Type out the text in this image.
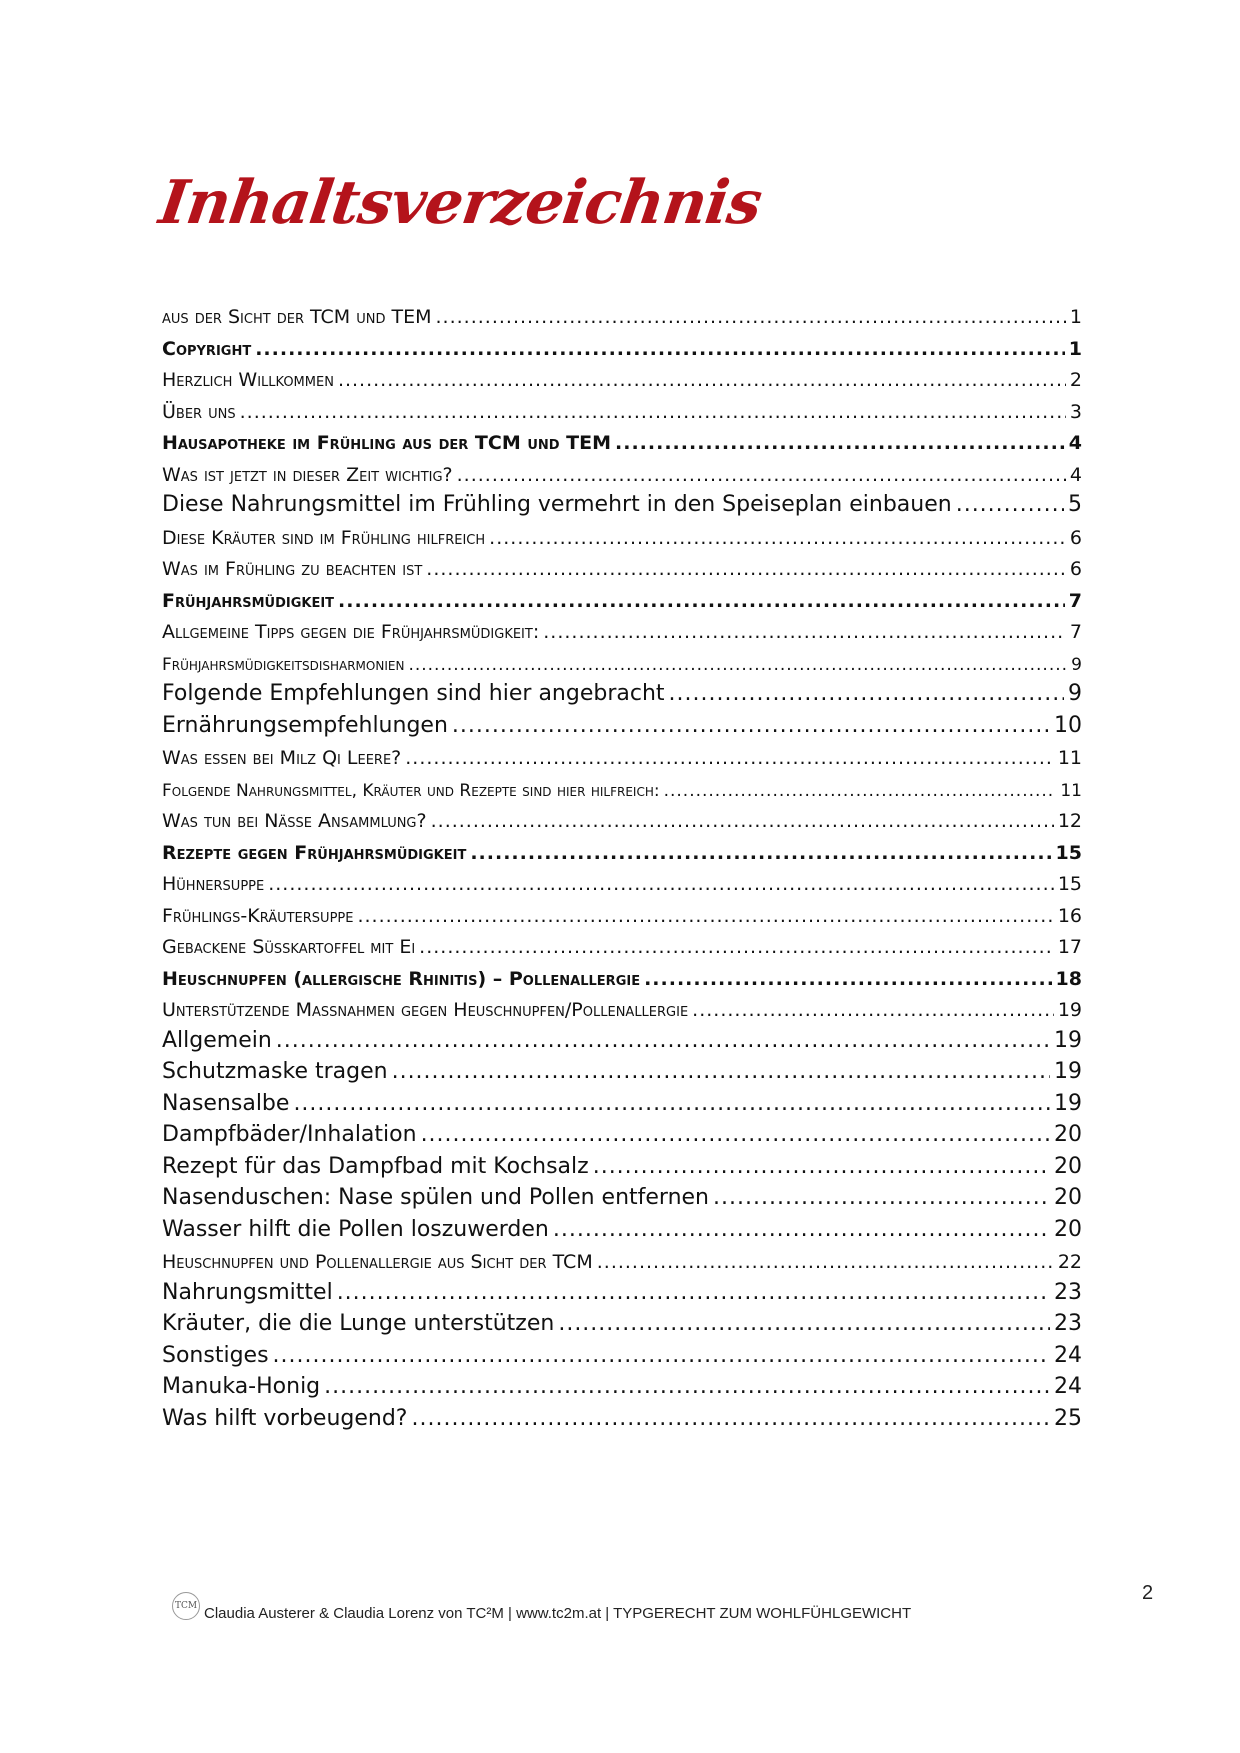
Inhaltsverzeichnis
aus der Sicht der TCM und TEM .....	1
Copyright .....	1
Herzlich Willkommen .....	2
Über uns .....	3
Hausapotheke im Frühling aus der TCM und TEM .....	4
Was ist jetzt in dieser Zeit wichtig? .....	4
Diese Nahrungsmittel im Frühling vermehrt in den Speiseplan einbauen .....	5
Diese Kräuter sind im Frühling hilfreich .....	6
Was im Frühling zu beachten ist .....	6
Frühjahrsmüdigkeit .....	7
Allgemeine Tipps gegen die Frühjahrsmüdigkeit: .....	7
Frühjahrsmüdigkeitsdisharmonien .....	9
Folgende Empfehlungen sind hier angebracht .....	9
Ernährungsempfehlungen .....	10
Was essen bei Milz Qi Leere? .....	11
Folgende Nahrungsmittel, Kräuter und Rezepte sind hier hilfreich: .....	11
Was tun bei Nässe Ansammlung? .....	12
Rezepte gegen Frühjahrsmüdigkeit .....	15
Hühnersuppe .....	15
Frühlings-Kräutersuppe .....	16
Gebackene Süßkartoffel mit Ei .....	17
Heuschnupfen (allergische Rhinitis) – Pollenallergie .....	18
Unterstützende Maßnahmen gegen Heuschnupfen/Pollenallergie .....	19
Allgemein .....	19
Schutzmaske tragen .....	19
Nasensalbe .....	19
Dampfbäder/Inhalation .....	20
Rezept für das Dampfbad mit Kochsalz .....	20
Nasenduschen: Nase spülen und Pollen entfernen .....	20
Wasser hilft die Pollen loszuwerden .....	20
Heuschnupfen und Pollenallergie aus Sicht der TCM .....	22
Nahrungsmittel .....	23
Kräuter, die die Lunge unterstützen .....	23
Sonstiges .....	24
Manuka-Honig .....	24
Was hilft vorbeugend? .....	25
TCM Claudia Austerer & Claudia Lorenz von TC²M | www.tc2m.at | TYPGERECHT ZUM WOHLFÜHLGEWICHT
2
